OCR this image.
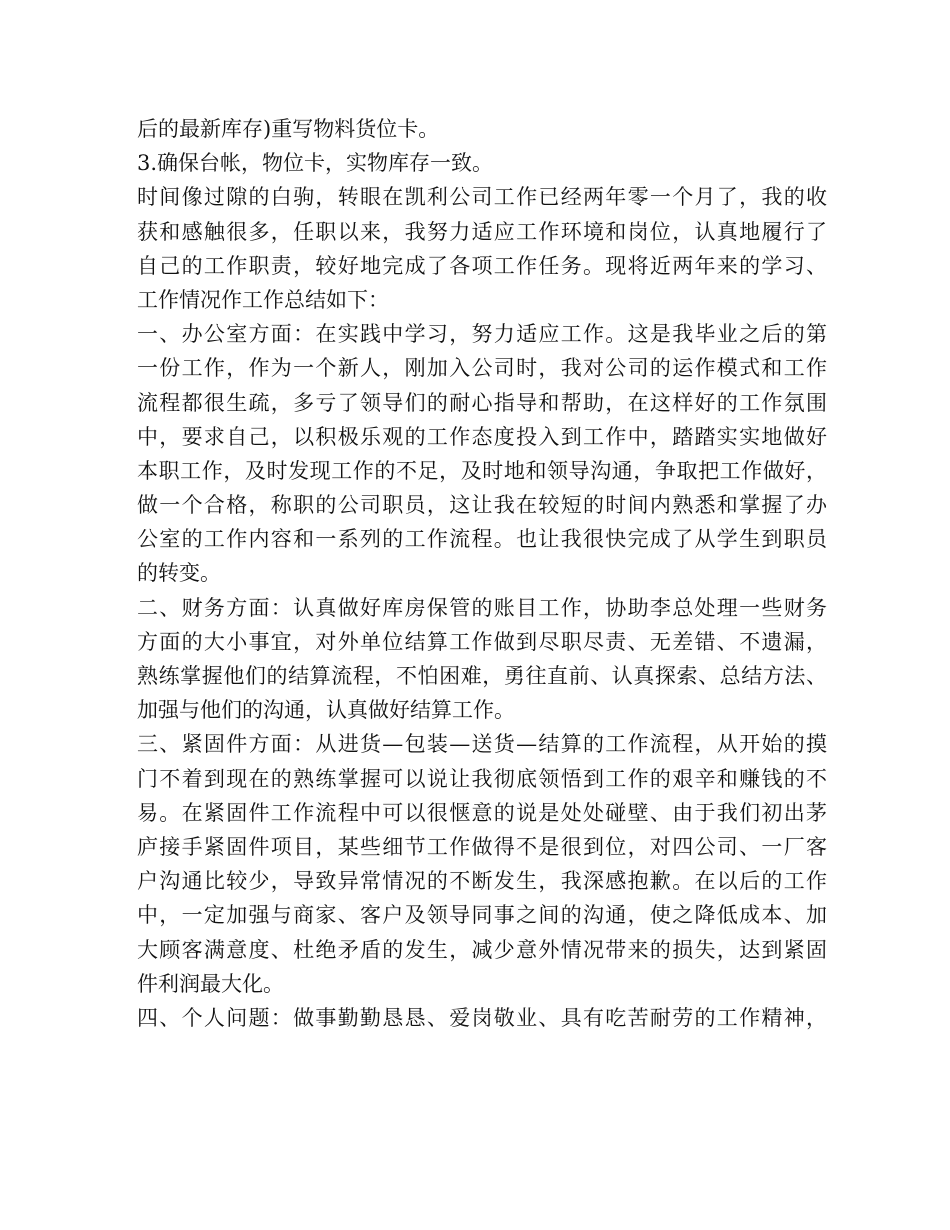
后的最新库存)重写物料货位卡。
3.确保台帐，物位卡，实物库存一致。
时间像过隙的白驹，转眼在凯利公司工作已经两年零一个月了，我的收
获和感触很多，任职以来，我努力适应工作环境和岗位，认真地履行了
自己的工作职责，较好地完成了各项工作任务。现将近两年来的学习、
工作情况作工作总结如下：
一、办公室方面：在实践中学习，努力适应工作。这是我毕业之后的第
一份工作，作为一个新人，刚加入公司时，我对公司的运作模式和工作
流程都很生疏，多亏了领导们的耐心指导和帮助，在这样好的工作氛围
中，要求自己，以积极乐观的工作态度投入到工作中，踏踏实实地做好
本职工作，及时发现工作的不足，及时地和领导沟通，争取把工作做好，
做一个合格，称职的公司职员，这让我在较短的时间内熟悉和掌握了办
公室的工作内容和一系列的工作流程。也让我很快完成了从学生到职员
的转变。
二、财务方面：认真做好库房保管的账目工作，协助李总处理一些财务
方面的大小事宜，对外单位结算工作做到尽职尽责、无差错、不遗漏，
熟练掌握他们的结算流程，不怕困难，勇往直前、认真探索、总结方法、
加强与他们的沟通，认真做好结算工作。
三、紧固件方面：从进货—包装—送货—结算的工作流程，从开始的摸
门不着到现在的熟练掌握可以说让我彻底领悟到工作的艰辛和赚钱的不
易。在紧固件工作流程中可以很惬意的说是处处碰壁、由于我们初出茅
庐接手紧固件项目，某些细节工作做得不是很到位，对四公司、一厂客
户沟通比较少，导致异常情况的不断发生，我深感抱歉。在以后的工作
中，一定加强与商家、客户及领导同事之间的沟通，使之降低成本、加
大顾客满意度、杜绝矛盾的发生，减少意外情况带来的损失，达到紧固
件利润最大化。
四、个人问题：做事勤勤恳恳、爱岗敬业、具有吃苦耐劳的工作精神，
